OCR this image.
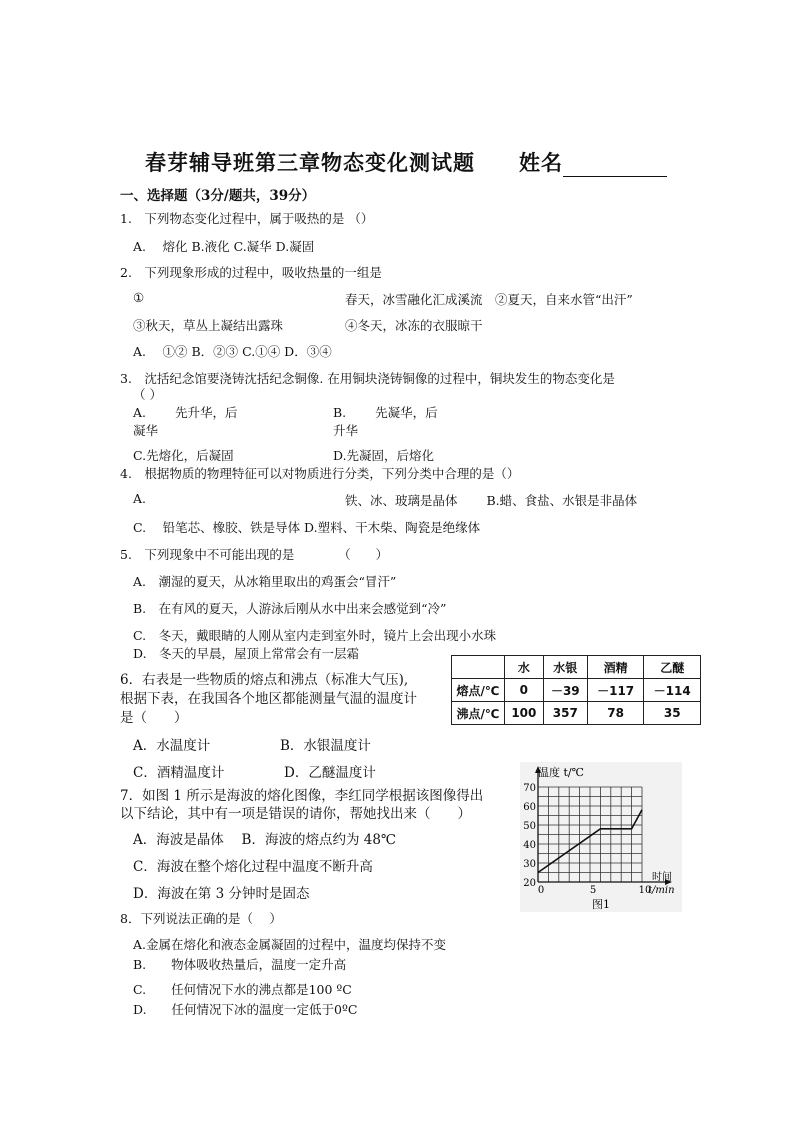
春芽辅导班第三章物态变化测试题 姓名
一、选择题（3分/题共，39分）
1.　下列物态变化过程中，属于吸热的是 （）
A.　 熔化 B.液化 C.凝华 D.凝固
2.　下列现象形成的过程中，吸收热量的一组是
①	春天，冰雪融化汇成溪流　②夏天，自来水管“出汗”
③秋天，草丛上凝结出露珠	④冬天，冰冻的衣服晾干
A.　 ①② B．②③ C.①④ D．③④
3.　沈括纪念馆要浇铸沈括纪念铜像. 在用铜块浇铸铜像的过程中，铜块发生的物态变化是
（ ）
A.　　 先升华，后
凝华
B.　　 先凝华，后
升华
C.先熔化，后凝固	D.先凝固，后熔化
4.　根据物质的物理特征可以对物质进行分类，下列分类中合理的是（）
A.	铁、冰、玻璃是晶体　　 B.蜡、食盐、水银是非晶体
C.　 铅笔芯、橡胶、铁是导体 D.塑料、干木柴、陶瓷是绝缘体
5.　下列现象中不可能出现的是　　　　（　　）
A.　潮湿的夏天，从冰箱里取出的鸡蛋会“冒汗”
B.　在有风的夏天，人游泳后刚从水中出来会感觉到“冷”
C.　冬天，戴眼睛的人刚从室内走到室外时，镜片上会出现小水珠
D.　冬天的早晨，屋顶上常常会有一层霜
6．右表是一些物质的熔点和沸点（标准大气压),
根据下表，在我国各个地区都能测量气温的温度计
是（　　）
A．水温度计	B．水银温度计
C．酒精温度计	D．乙醚温度计
	水	水银	酒精	乙醚
熔点/℃	0	－39	－117	－114
沸点/℃	100	357	78	35
7．如图 1 所示是海波的熔化图像，李红同学根据该图像得出
以下结论，其中有一项是错误的请你，帮她找出来（　　）
A．海波是晶体　 B．海波的熔点约为 48℃
C．海波在整个熔化过程中温度不断升高
D．海波在第 3 分钟时是固态
20
30
40
50
60
70
0	5	10
温度 t/℃
时间
t/min
图1
8．下列说法正确的是（　 ）
A.金属在熔化和液态金属凝固的过程中，温度均保持不变
B.　　物体吸收热量后，温度一定升高
C.　　任何情况下水的沸点都是100 ºC
D.　　任何情况下冰的温度一定低于0ºC
